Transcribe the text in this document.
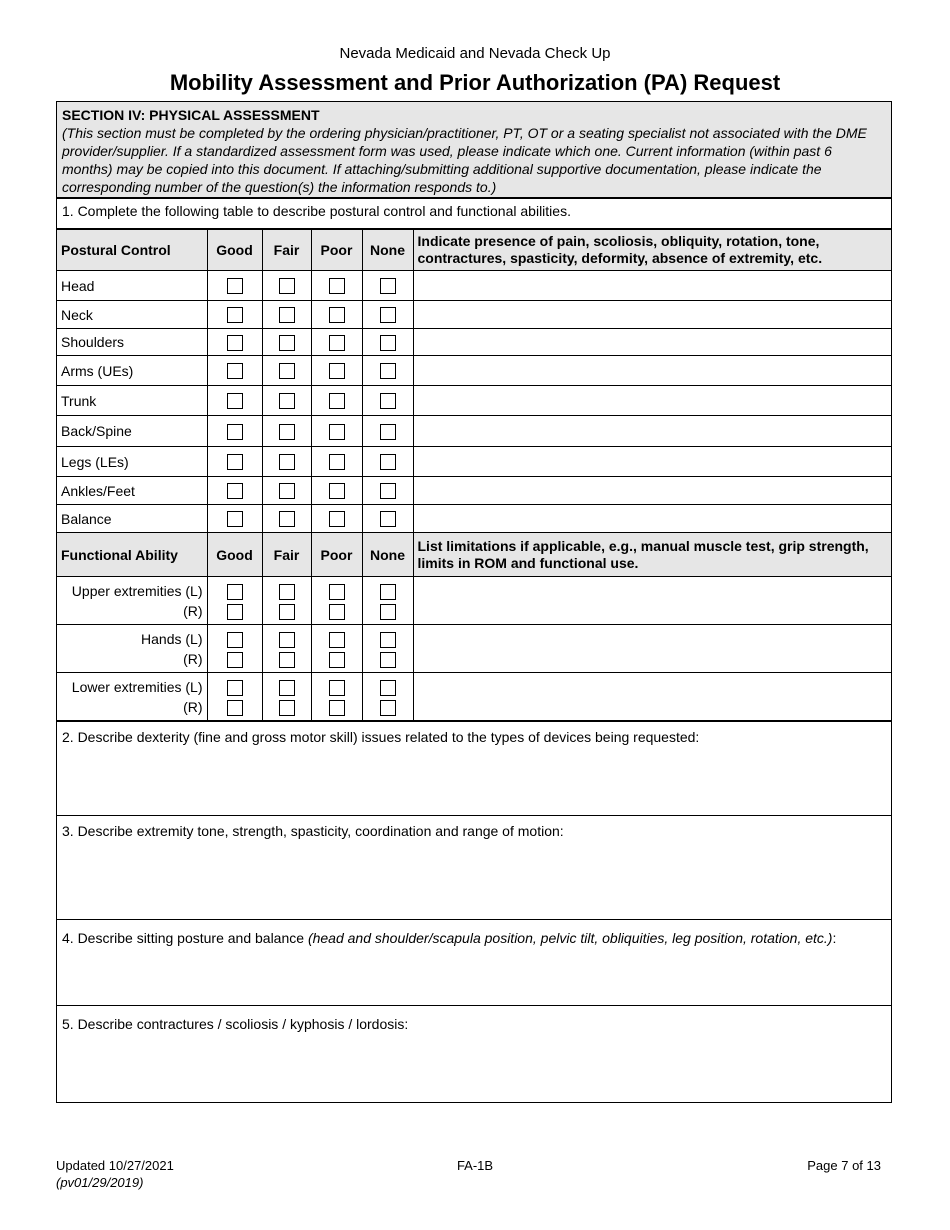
Nevada Medicaid and Nevada Check Up
Mobility Assessment and Prior Authorization (PA) Request
SECTION IV: PHYSICAL ASSESSMENT
(This section must be completed by the ordering physician/practitioner, PT, OT or a seating specialist not associated with the DME provider/supplier. If a standardized assessment form was used, please indicate which one. Current information (within past 6 months) may be copied into this document. If attaching/submitting additional supportive documentation, please indicate the corresponding number of the question(s) the information responds to.)
1. Complete the following table to describe postural control and functional abilities.
Postural Control	Good	Fair	Poor	None	Indicate presence of pain, scoliosis, obliquity, rotation, tone, contractures, spasticity, deformity, absence of extremity, etc.
Head					
Neck					
Shoulders					
Arms (UEs)					
Trunk					
Back/Spine					
Legs (LEs)					
Ankles/Feet					
Balance					
Functional Ability	Good	Fair	Poor	None	List limitations if applicable, e.g., manual muscle test, grip strength, limits in ROM and functional use.

Upper extremities (L)
(R)					

Hands (L)
(R)					

Lower extremities (L)
(R)					

2. Describe dexterity (fine and gross motor skill) issues related to the types of devices being requested:
3. Describe extremity tone, strength, spasticity, coordination and range of motion:
4. Describe sitting posture and balance (head and shoulder/scapula position, pelvic tilt, obliquities, leg position, rotation, etc.):
5. Describe contractures / scoliosis / kyphosis / lordosis:
Updated 10/27/2021
(pv01/29/2019)
FA-1B	Page 7 of 13
